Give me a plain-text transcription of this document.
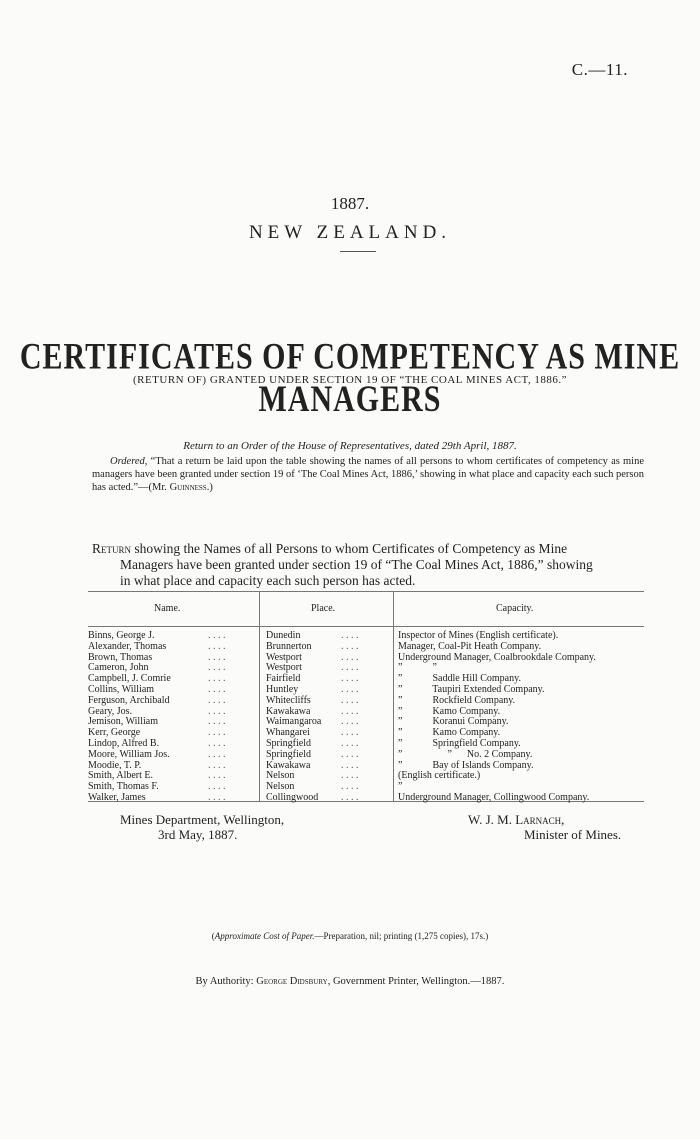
C.—11.
1887.
NEW ZEALAND.
CERTIFICATES OF COMPETENCY AS MINE MANAGERS
(RETURN OF) GRANTED UNDER SECTION 19 OF “THE COAL MINES ACT, 1886.”
Return to an Order of the House of Representatives, dated 29th April, 1887.
Ordered, “That a return be laid upon the table showing the names of all persons to whom certificates of competency as mine managers have been granted under section 19 of ‘The Coal Mines Act, 1886,’ showing in what place and capacity each such person has acted.”—(Mr. Guinness.)
Return showing the Names of all Persons to whom Certificates of Competency as Mine
Managers have been granted under section 19 of “The Coal Mines Act, 1886,” showing
in what place and capacity each such person has acted.
Name.	Place.	Capacity.
Binns, George J.
Alexander, Thomas
Brown, Thomas
Cameron, John
Campbell, J. Comrie
Collins, William
Ferguson, Archibald
Geary, Jos.
Jemison, William
Kerr, George
Lindop, Alfred B.
Moore, William Jos.
Moodie, T. P.
Smith, Albert E.
Smith, Thomas F.
Walker, James
. . . .
. . . .
. . . .
. . . .
. . . .
. . . .
. . . .
. . . .
. . . .
. . . .
. . . .
. . . .
. . . .
. . . .
. . . .
. . . .
Dunedin
Brunnerton
Westport
Westport
Fairfield
Huntley
Whitecliffs
Kawakawa
Waimangaroa
Whangarei
Springfield
Springfield
Kawakawa
Nelson
Nelson
Collingwood
. . . .
. . . .
. . . .
. . . .
. . . .
. . . .
. . . .
. . . .
. . . .
. . . .
. . . .
. . . .
. . . .
. . . .
. . . .
. . . .
Inspector of Mines (English certificate).
Manager, Coal-Pit Heath Company.
Underground Manager, Coalbrookdale Company.
”            ”
”            Saddle Hill Company.
”            Taupiri Extended Company.
”            Rockfield Company.
”            Kamo Company.
”            Koranui Company.
”            Kamo Company.
”            Springfield Company.
”                  ”      No. 2 Company.
”            Bay of Islands Company.
(English certificate.)
”
Underground Manager, Collingwood Company.
Mines Department, Wellington,
3rd May, 1887.
W. J. M. Larnach,
Minister of Mines.
(Approximate Cost of Paper.—Preparation, nil; printing (1,275 copies), 17s.)
By Authority: George Didsbury, Government Printer, Wellington.—1887.
